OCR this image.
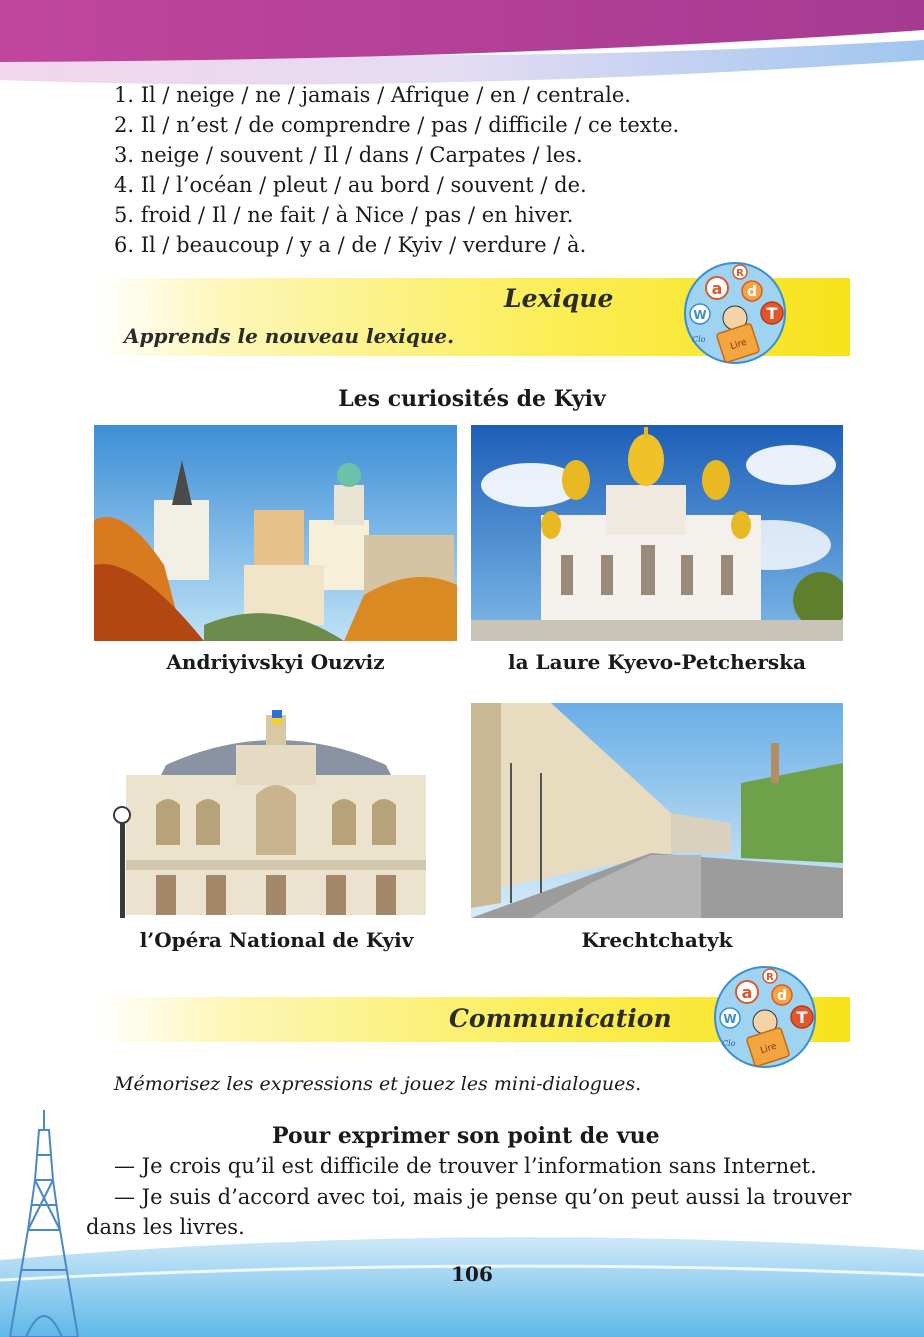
1. Il / neige / ne / jamais / Afrique / en / centrale.
2. Il / n’est / de comprendre / pas / difficile / ce texte.
3. neige / souvent / Il / dans / Carpates / les.
4. Il / l’océan / pleut / au bord / souvent / de.
5. froid / Il / ne fait / à Nice / pas / en hiver.
6. Il / beaucoup / y a / de / Kyiv / verdure / à.
Lexique
Apprends le nouveau lexique.
R
a d
W	T
Lire
Clo
Les curiosités de Kyiv
Andriyivskyi Ouzviz	la Laure Kyevo-Petcherska
l’Opéra National de Kyiv	Krechtchatyk
Communication
R
a d
W	T
Lire
Clo
Mémorisez les expressions et jouez les mini-dialogues.
Pour exprimer son point de vue
— Je crois qu’il est difficile de trouver l’information sans Internet.
— Je suis d’accord avec toi, mais je pense qu’on peut aussi la trouver
dans les livres.
106
